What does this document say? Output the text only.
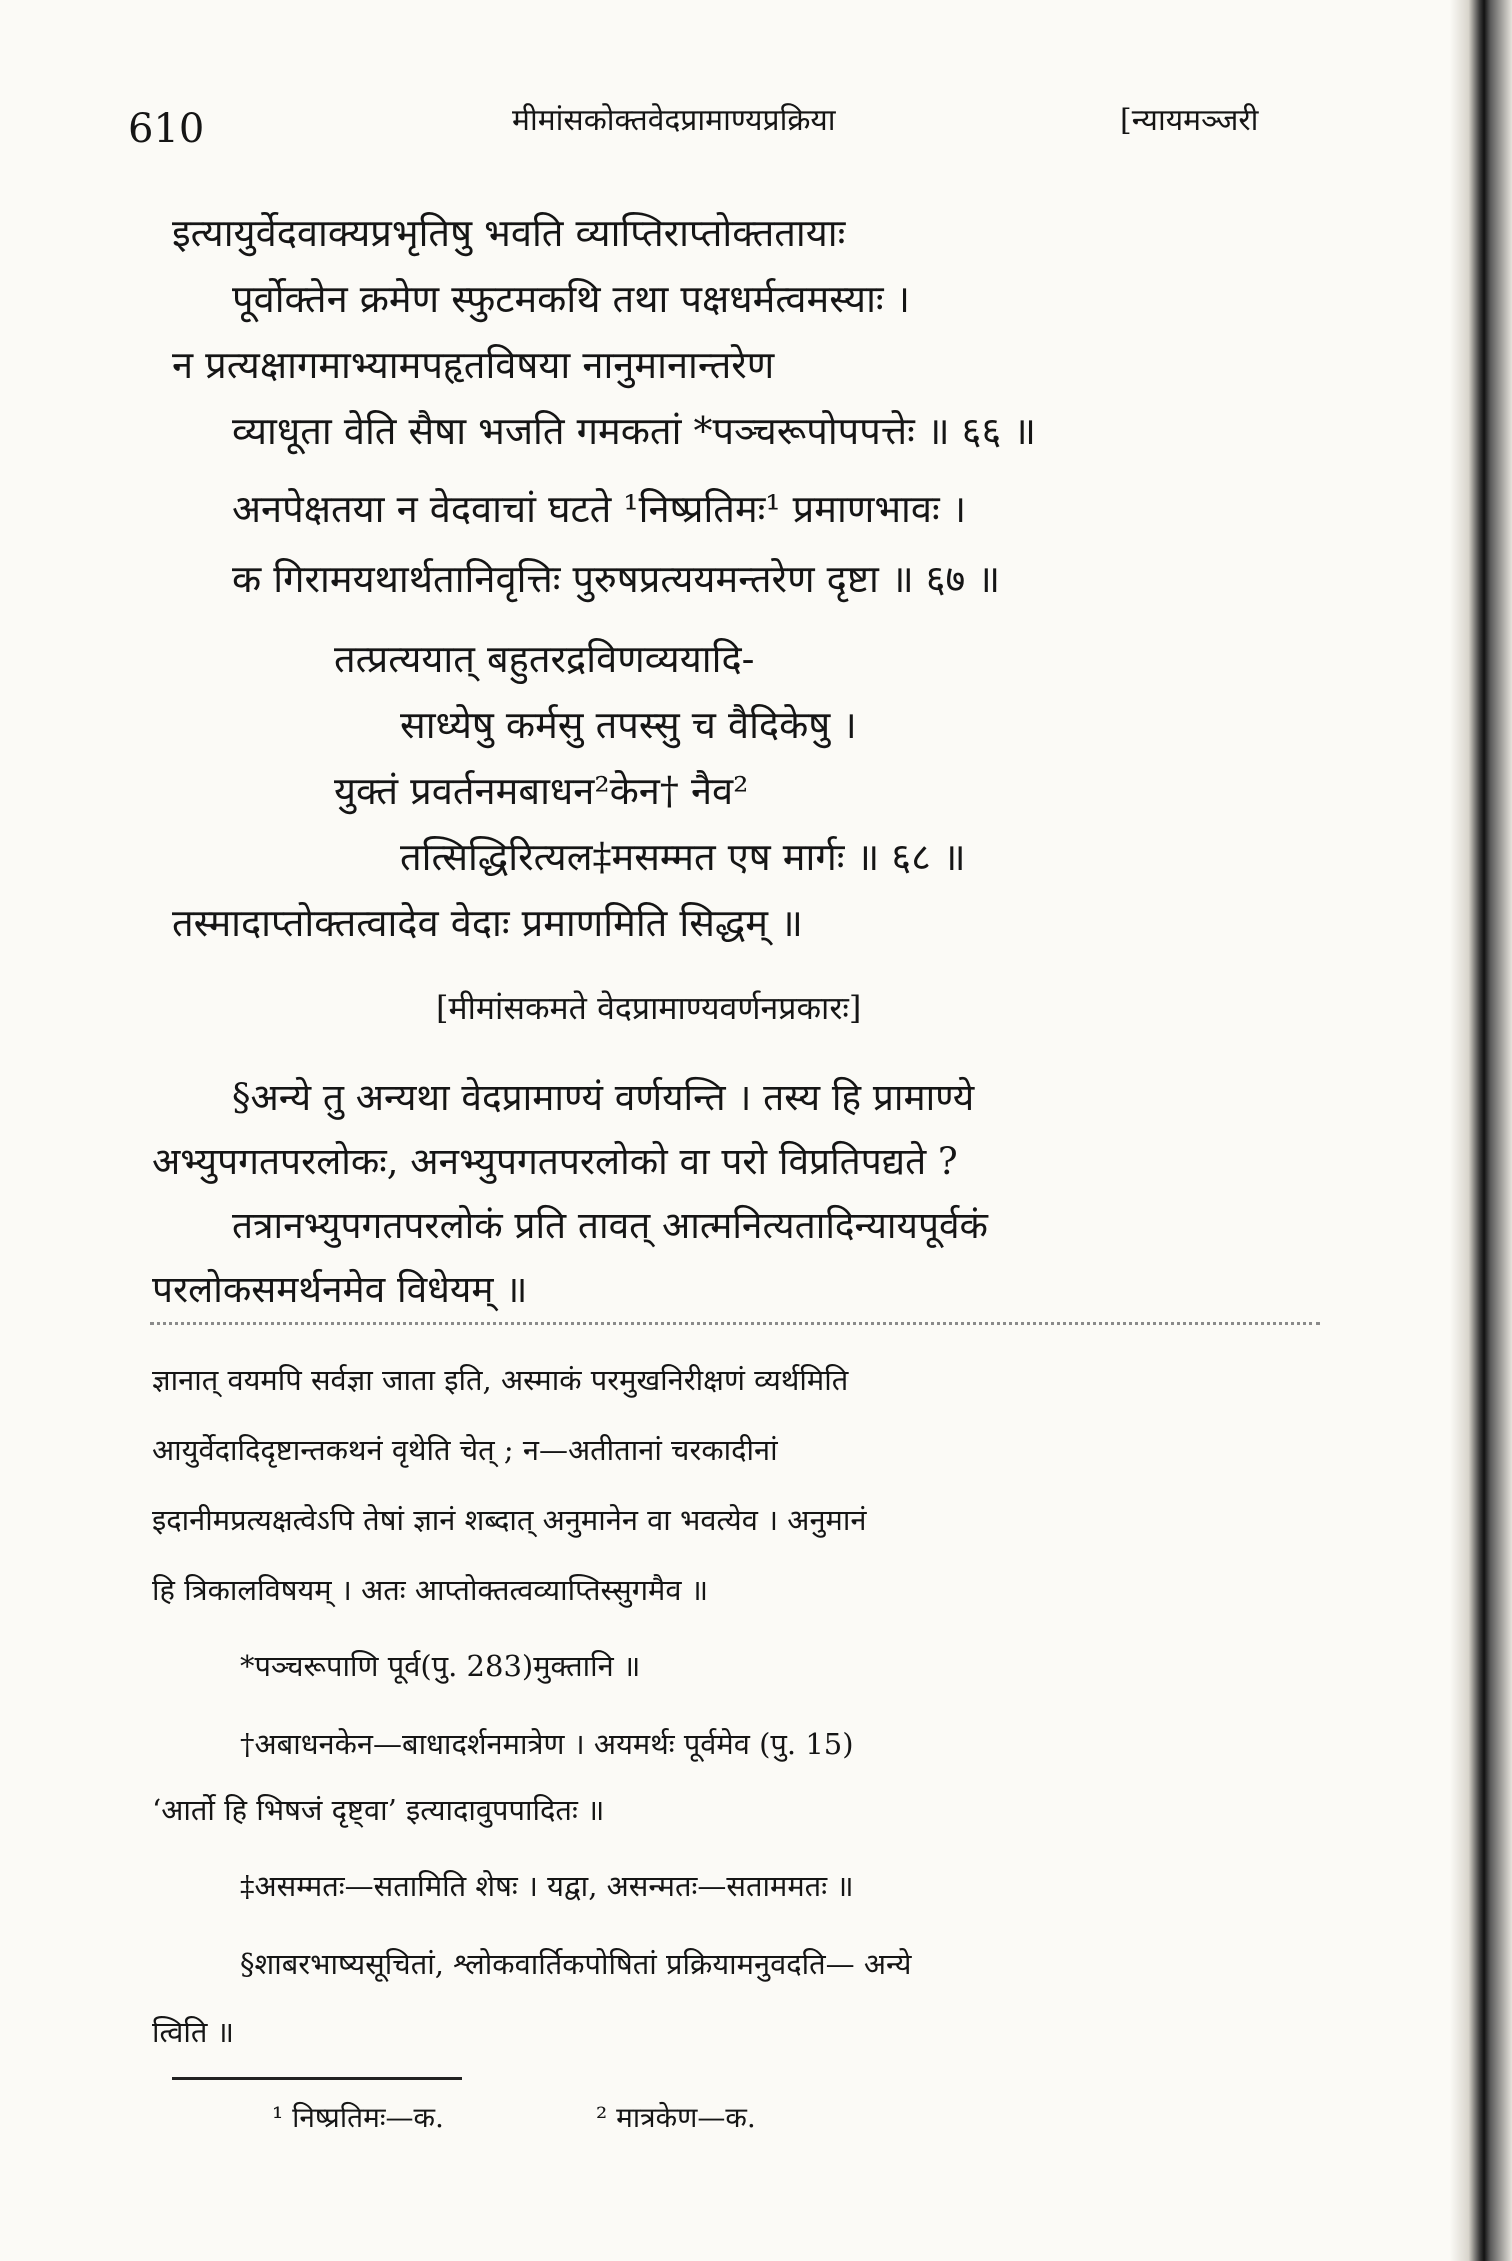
610	मीमांसकोक्तवेदप्रामाण्यप्रक्रिया	[न्यायमञ्जरी
इत्यायुर्वेदवाक्यप्रभृतिषु भवति व्याप्तिराप्तोक्ततायाः
पूर्वोक्तेन क्रमेण स्फुटमकथि तथा पक्षधर्मत्वमस्याः ।
न प्रत्यक्षागमाभ्यामपहृतविषया नानुमानान्तरेण
व्याधूता वेति सैषा भजति गमकतां *पञ्चरूपोपपत्तेः ॥ ६६ ॥
अनपेक्षतया न वेदवाचां घटते ¹निष्प्रतिमः¹ प्रमाणभावः ।
क गिरामयथार्थतानिवृत्तिः पुरुषप्रत्ययमन्तरेण दृष्टा ॥ ६७ ॥
तत्प्रत्ययात् बहुतरद्रविणव्ययादि-
साध्येषु कर्मसु तपस्सु च वैदिकेषु ।
युक्तं प्रवर्तनमबाधन²केन† नैव²
तत्सिद्धिरित्यल‡मसम्मत एष मार्गः ॥ ६८ ॥
तस्मादाप्तोक्तत्वादेव वेदाः प्रमाणमिति सिद्धम् ॥
[मीमांसकमते वेदप्रामाण्यवर्णनप्रकारः]
§अन्ये तु अन्यथा वेदप्रामाण्यं वर्णयन्ति । तस्य हि प्रामाण्ये
अभ्युपगतपरलोकः, अनभ्युपगतपरलोको वा परो विप्रतिपद्यते ?
तत्रानभ्युपगतपरलोकं प्रति तावत् आत्मनित्यतादिन्यायपूर्वकं
परलोकसमर्थनमेव विधेयम् ॥
ज्ञानात् वयमपि सर्वज्ञा जाता इति, अस्माकं परमुखनिरीक्षणं व्यर्थमिति
आयुर्वेदादिदृष्टान्तकथनं वृथेति चेत् ; न—अतीतानां चरकादीनां
इदानीमप्रत्यक्षत्वेऽपि तेषां ज्ञानं शब्दात् अनुमानेन वा भवत्येव । अनुमानं
हि त्रिकालविषयम् । अतः आप्तोक्तत्वव्याप्तिस्सुगमैव ॥
*पञ्चरूपाणि पूर्व(पु. 283)मुक्तानि ॥
†अबाधनकेन—बाधादर्शनमात्रेण । अयमर्थः पूर्वमेव (पु. 15)
‘आर्तो हि भिषजं दृष्ट्वा’ इत्यादावुपपादितः ॥
‡असम्मतः—सतामिति शेषः । यद्वा, असन्मतः—सताममतः ॥
§शाबरभाष्यसूचितां, श्लोकवार्तिकपोषितां प्रक्रियामनुवदति— अन्ये
त्विति ॥
¹ निष्प्रतिमः—क.	² मात्रकेण—क.
